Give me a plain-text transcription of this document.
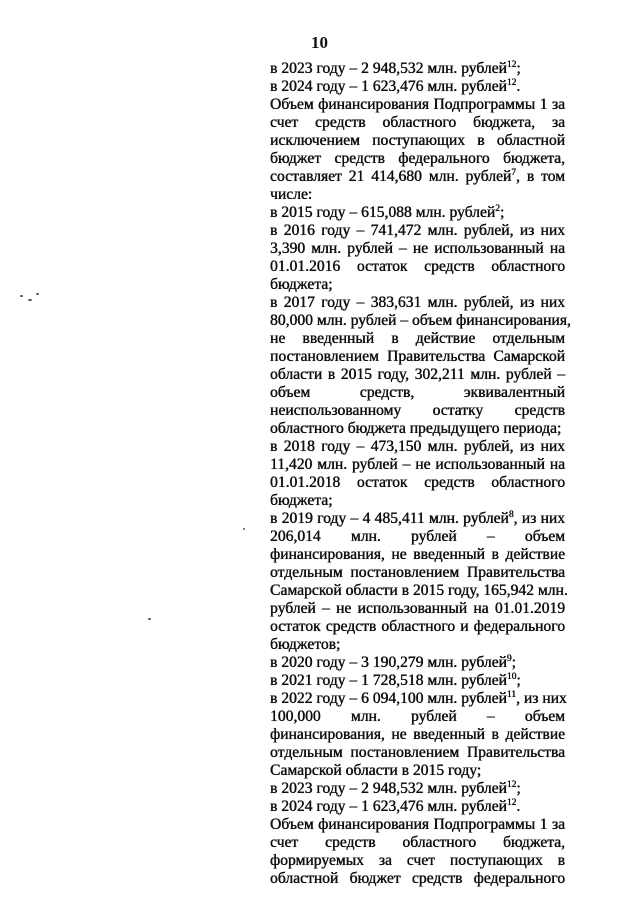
10
в 2023 году – 2 948,532 млн. рублей$^{12}$;
в 2024 году – 1 623,476 млн. рублей$^{12}$.
Объем финансирования Подпрограммы 1 за
счет средств областного бюджета, за
исключением поступающих в областной
бюджет средств федерального бюджета,
составляет 21 414,680 млн. рублей$^7$, в том
числе:
в 2015 году – 615,088 млн. рублей$^2$;
в 2016 году – 741,472 млн. рублей, из них
3,390 млн. рублей – не использованный на
01.01.2016 остаток средств областного
бюджета;
в 2017 году – 383,631 млн. рублей, из них
80,000 млн. рублей – объем финансирования,
не введенный в действие отдельным
постановлением Правительства Самарской
области в 2015 году, 302,211 млн. рублей –
объем средств, эквивалентный
неиспользованному остатку средств
областного бюджета предыдущего периода;
в 2018 году – 473,150 млн. рублей, из них
11,420 млн. рублей – не использованный на
01.01.2018 остаток средств областного
бюджета;
в 2019 году – 4 485,411 млн. рублей$^8$, из них
206,014 млн. рублей – объем
финансирования, не введенный в действие
отдельным постановлением Правительства
Самарской области в 2015 году, 165,942 млн.
рублей – не использованный на 01.01.2019
остаток средств областного и федерального
бюджетов;
в 2020 году – 3 190,279 млн. рублей$^9$;
в 2021 году – 1 728,518 млн. рублей$^{10}$;
в 2022 году – 6 094,100 млн. рублей$^{11}$, из них
100,000 млн. рублей – объем
финансирования, не введенный в действие
отдельным постановлением Правительства
Самарской области в 2015 году;
в 2023 году – 2 948,532 млн. рублей$^{12}$;
в 2024 году – 1 623,476 млн. рублей$^{12}$.
Объем финансирования Подпрограммы 1 за
счет средств областного бюджета,
формируемых за счет поступающих в
областной бюджет средств федерального
